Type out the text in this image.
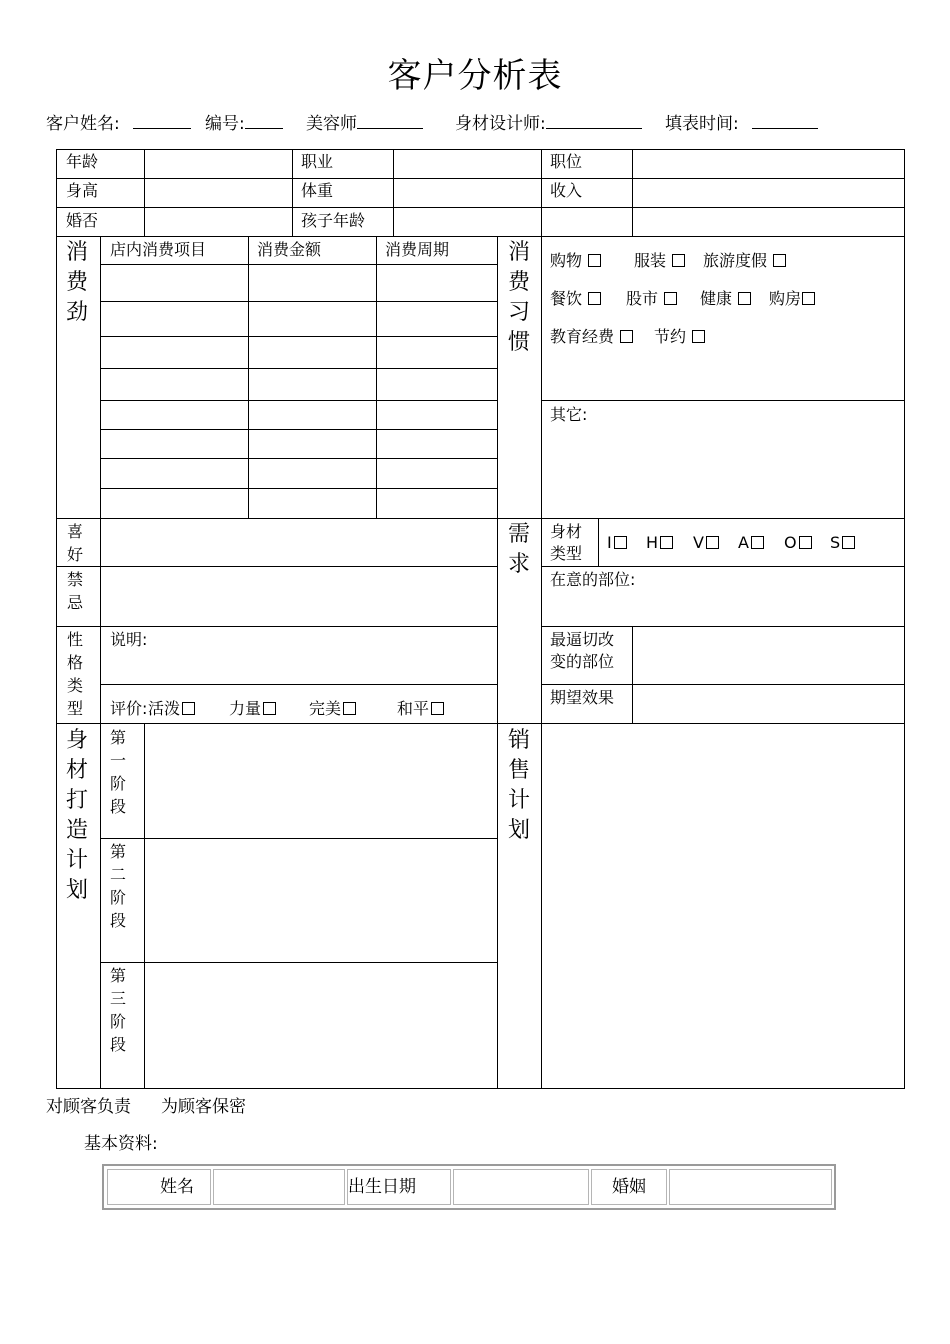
客户分析表
客户姓名:	编号:	美容师	身材设计师:	填表时间:
年龄	职业	职位
身高	体重	收入
婚否	孩子年龄
消费劲
店内消费项目	消费金额	消费周期	消费习惯
购物	服装	旅游度假
餐饮	股市	健康	购房
教育经费	节约
其它:
喜好
禁忌
性格类型
说明:
评价: 活泼	力量	完美	和平
需求
身材类型
I	H	V	A	O	S
在意的部位:
最逼切改变的部位
期望效果
身材打造计划
第一阶段
第二阶段
第三阶段
销售计划
对顾客负责 为顾客保密
基本资料:
姓名	出生日期	婚姻
